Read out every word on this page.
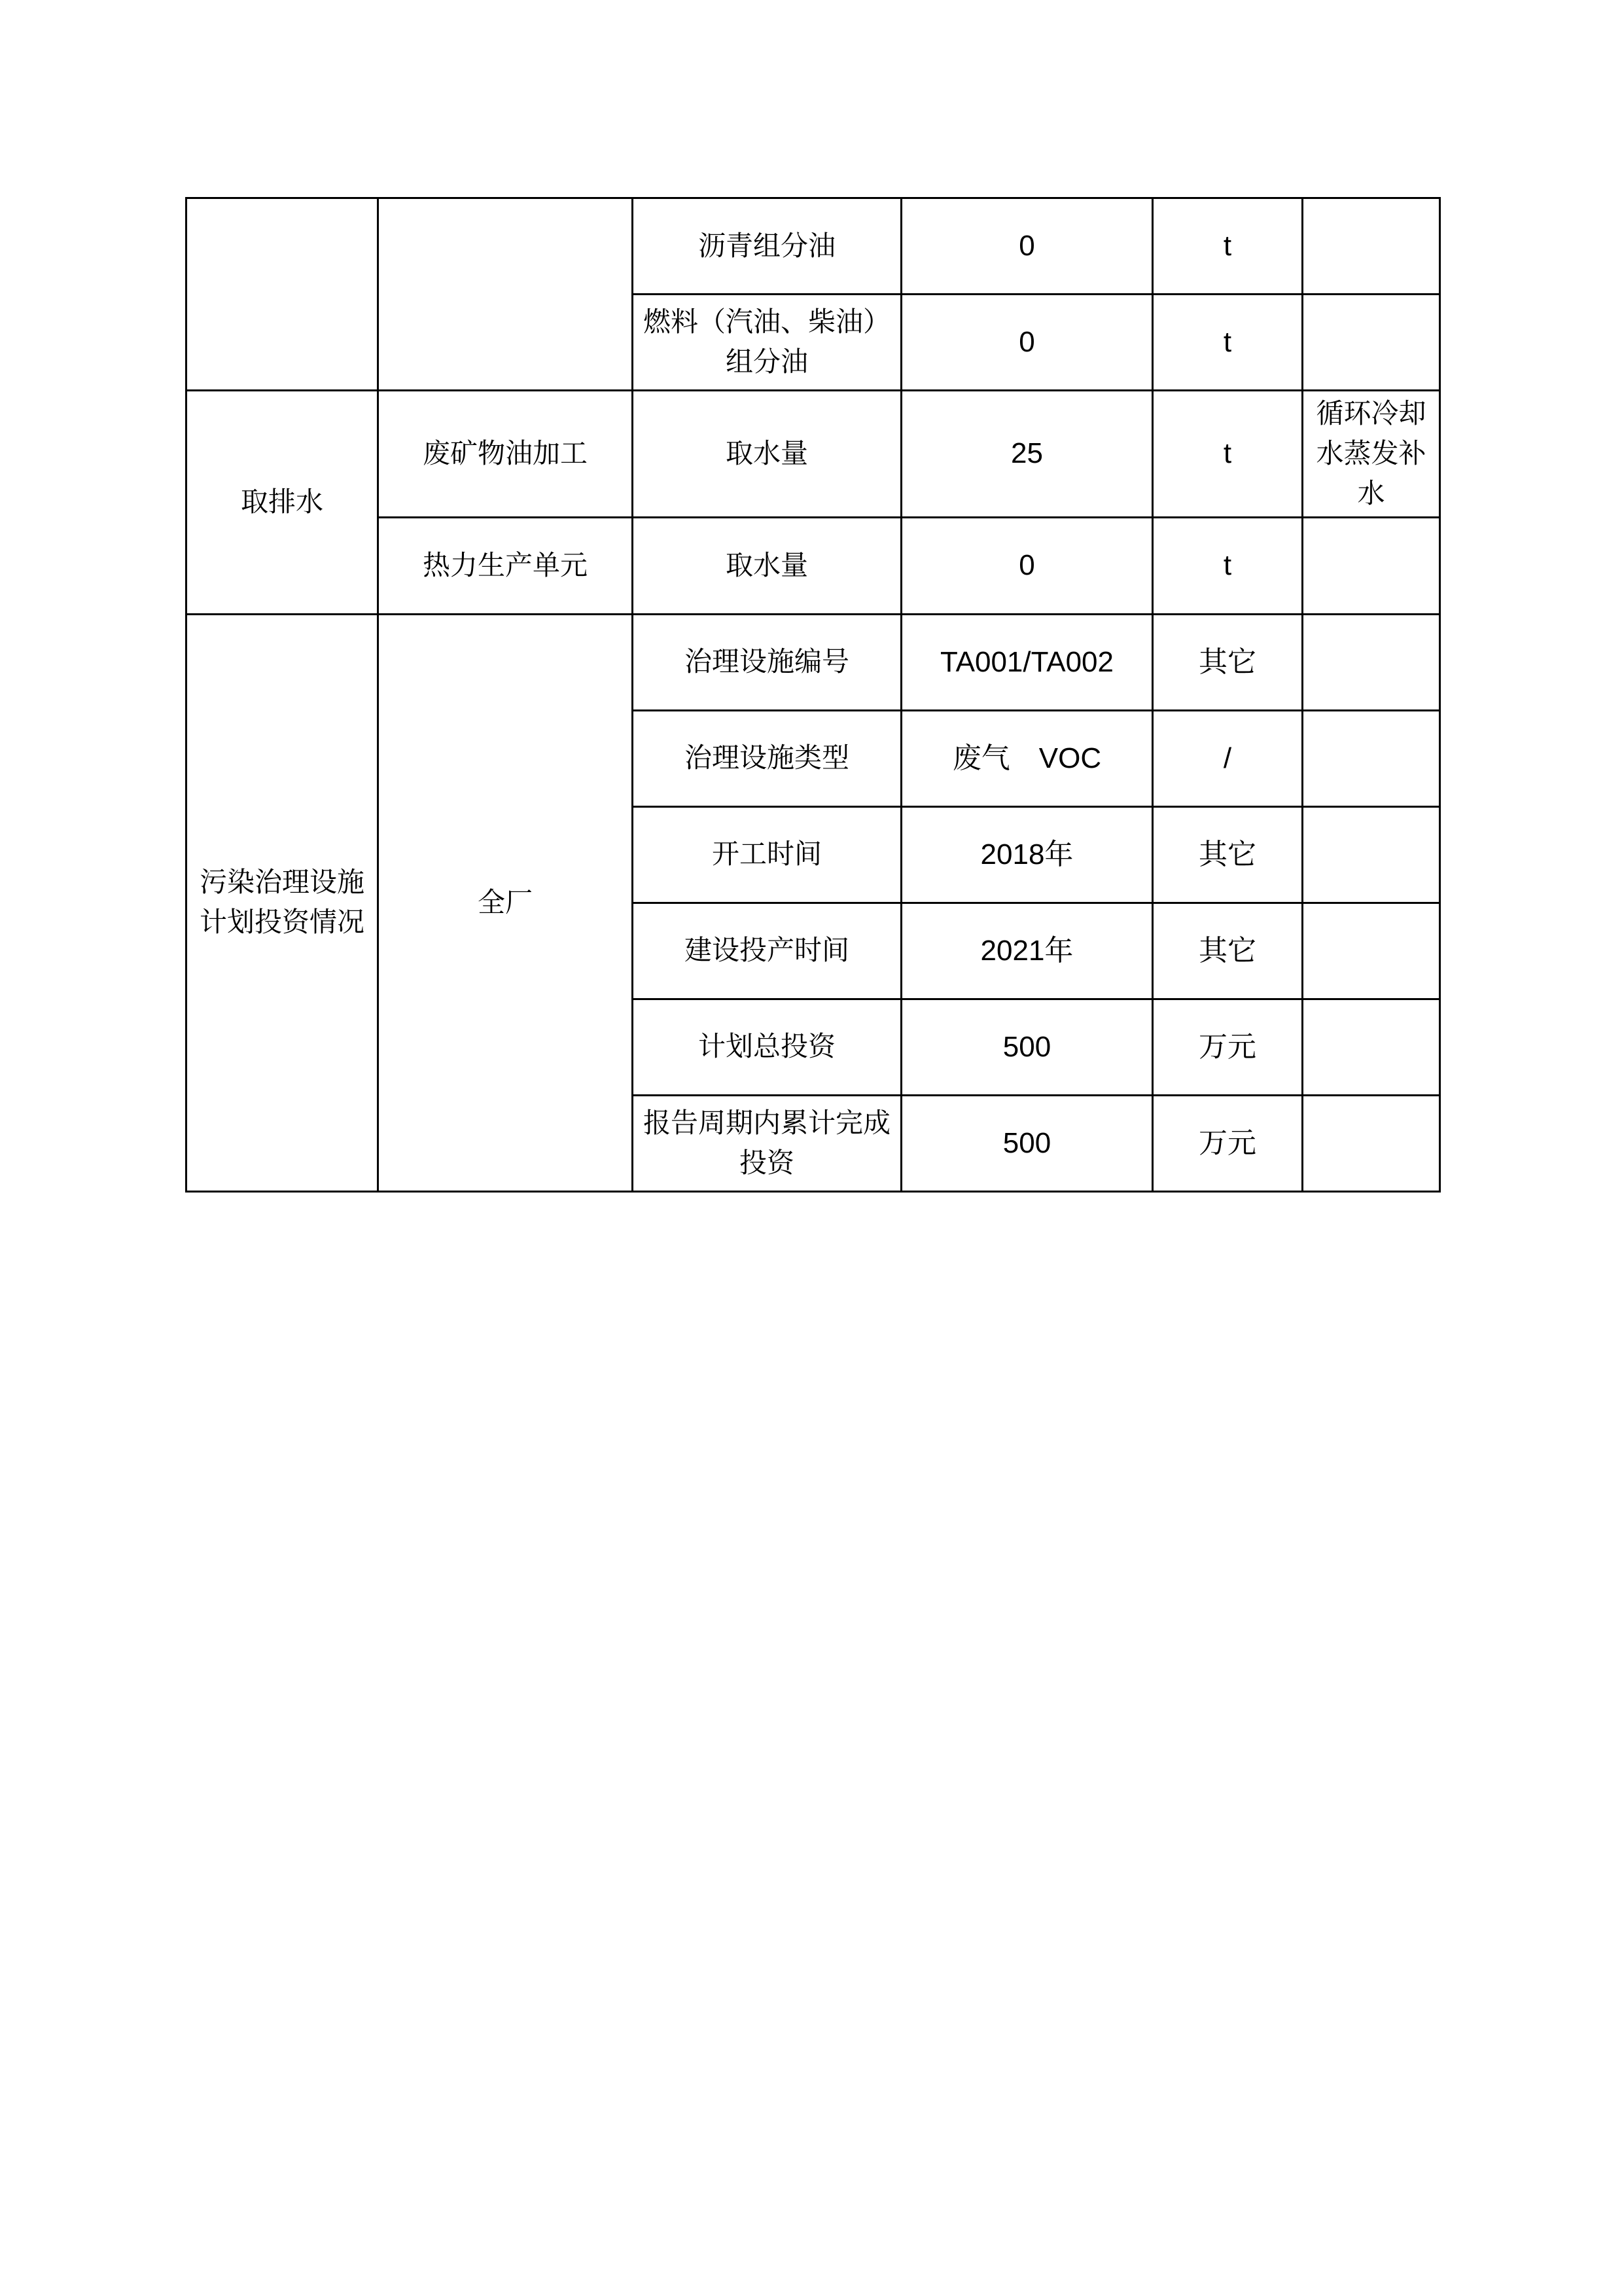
		沥青组分油	0	t	
		燃料（汽油、柴油）组分油	0	t	
取排水	废矿物油加工	取水量	25	t	循环冷却水蒸发补水
	热力生产单元	取水量	0	t	
污染治理设施计划投资情况	全厂	治理设施编号	TA001/TA002	其它	
		治理设施类型	废气　VOC	/	
		开工时间	2018年	其它	
		建设投产时间	2021年	其它	
		计划总投资	500	万元	
		报告周期内累计完成投资	500	万元	
